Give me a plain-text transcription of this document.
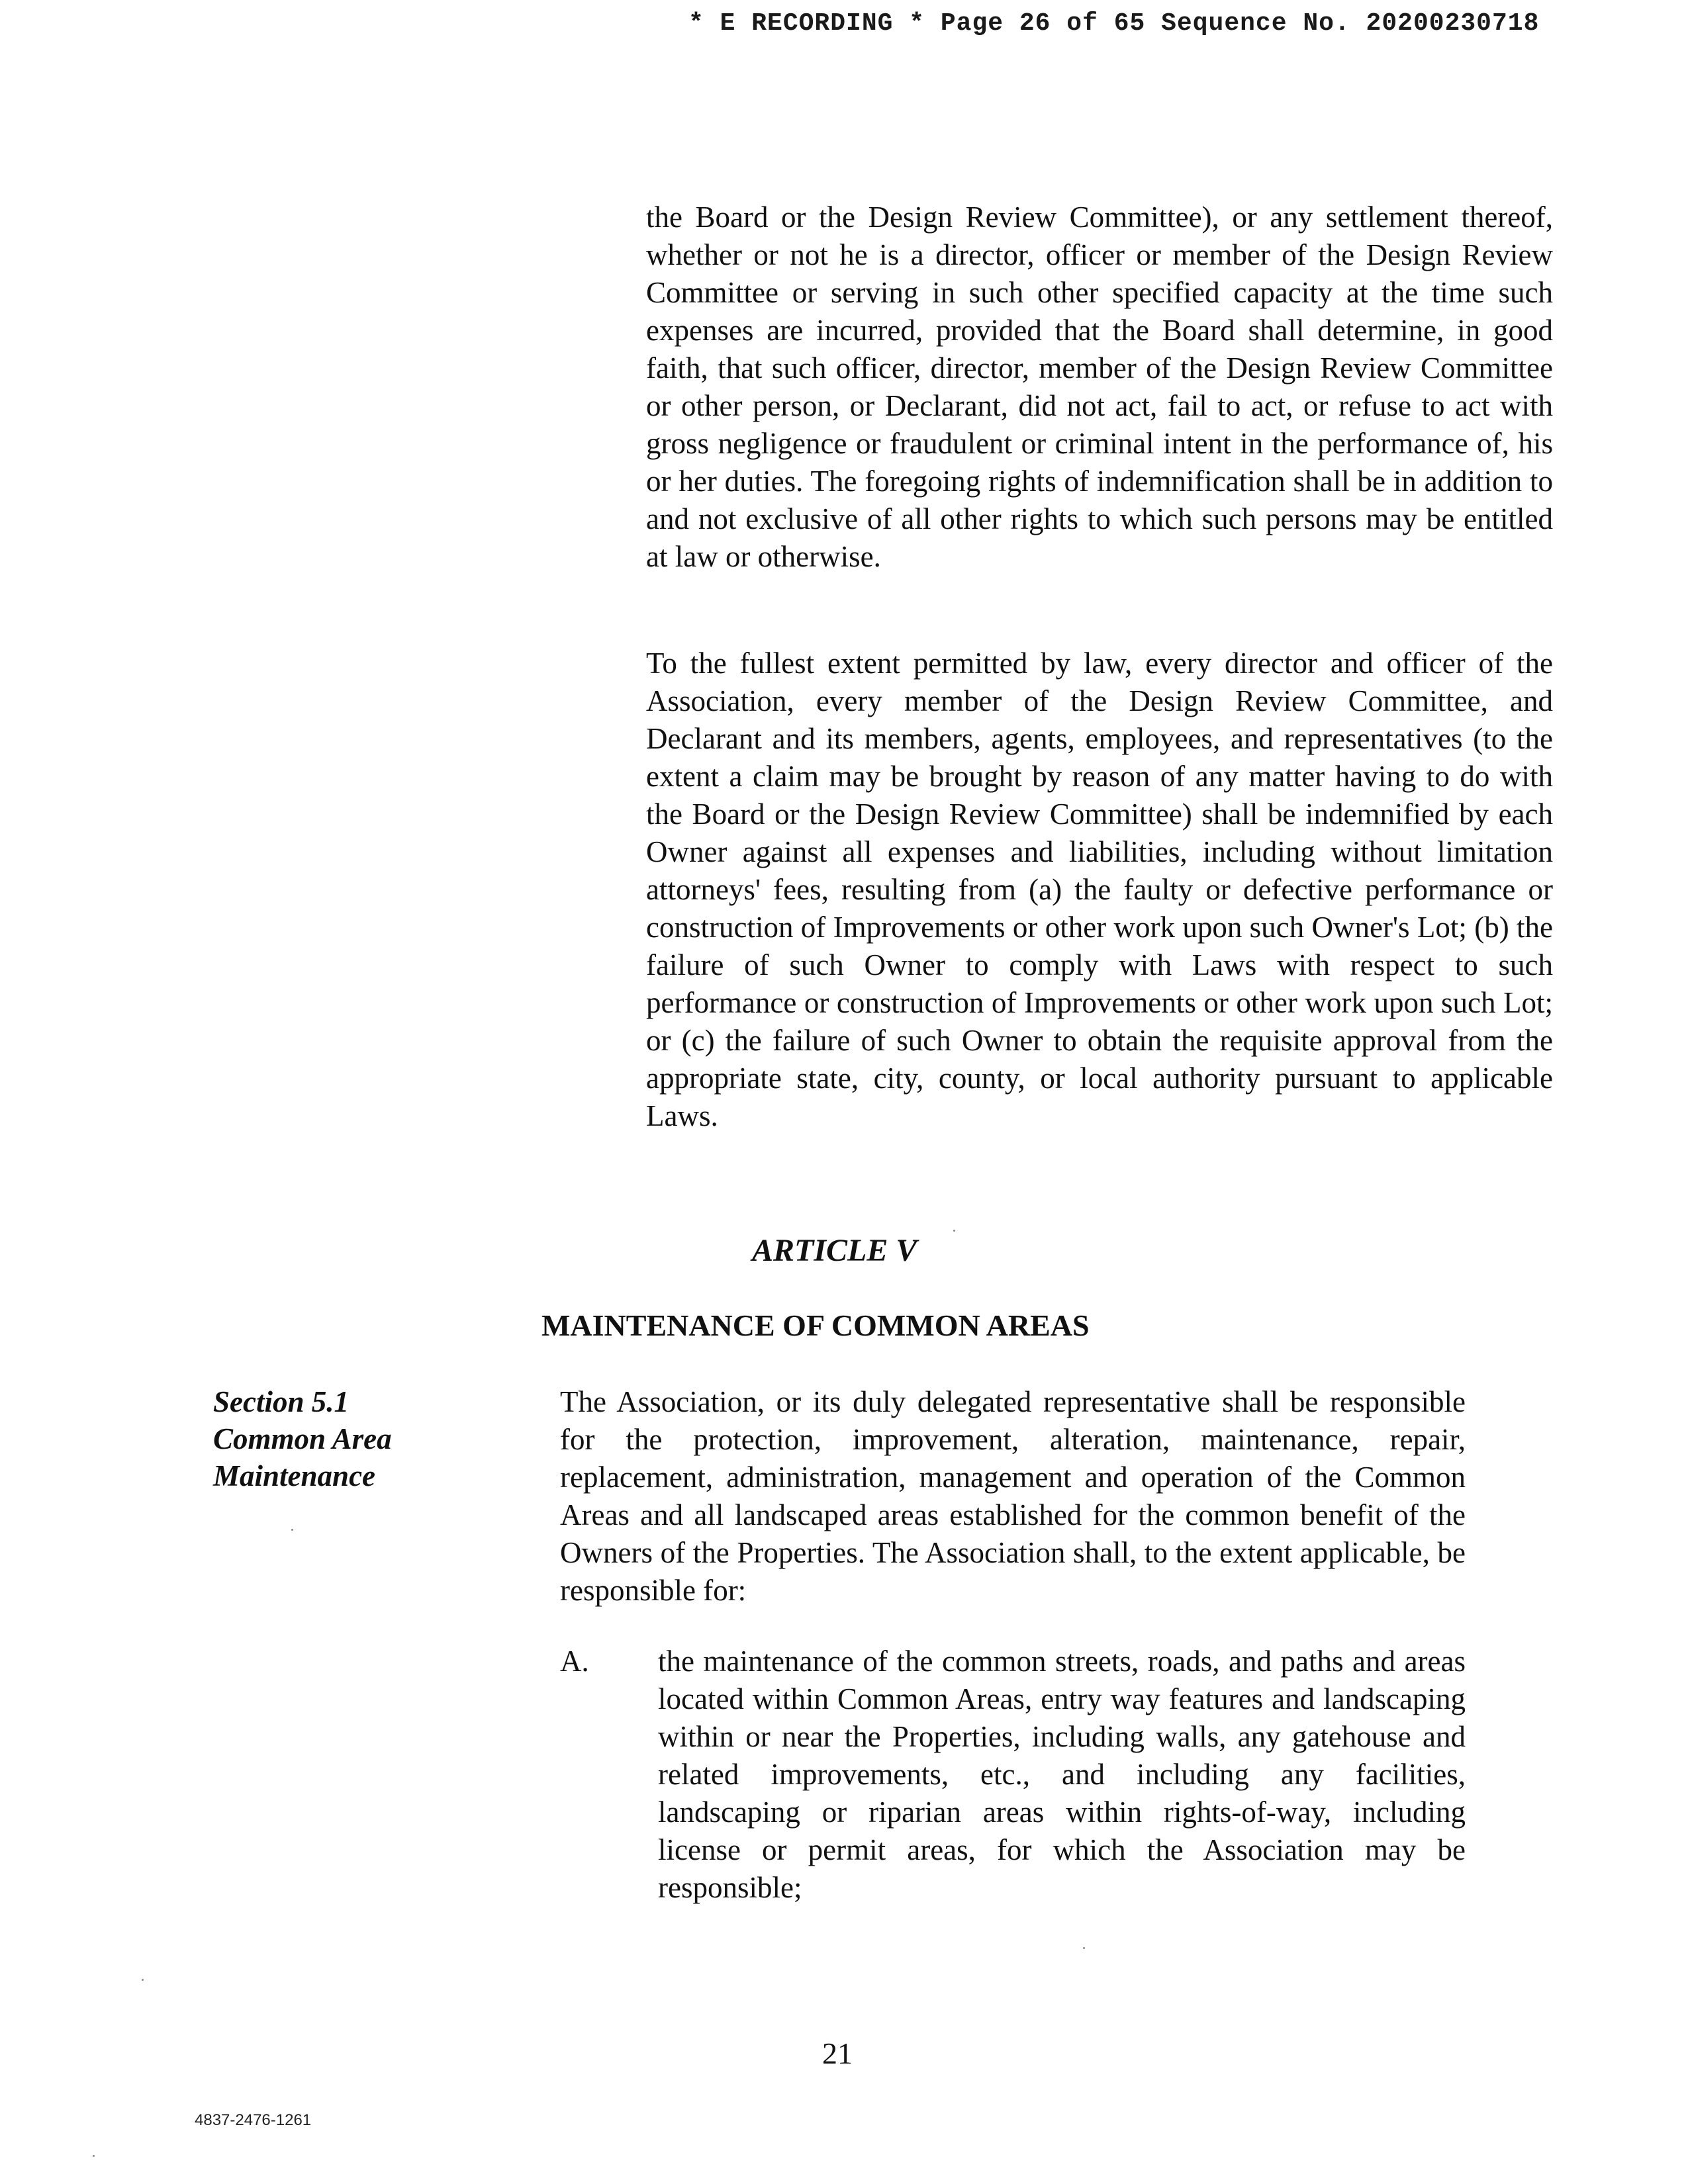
* E RECORDING * Page 26 of 65 Sequence No. 20200230718

the Board or the Design Review Committee), or any settlement thereof, whether or not he is a director, officer or member of the Design Review Committee or serving in such other specified capacity at the time such expenses are incurred, provided that the Board shall determine, in good faith, that such officer, director, member of the Design Review Committee or other person, or Declarant, did not act, fail to act, or refuse to act with gross negligence or fraudulent or criminal intent in the performance of, his or her duties. The foregoing rights of indemnification shall be in addition to and not exclusive of all other rights to which such persons may be entitled at law or otherwise.

To the fullest extent permitted by law, every director and officer of the Association, every member of the Design Review Committee, and Declarant and its members, agents, employees, and representatives (to the extent a claim may be brought by reason of any matter having to do with the Board or the Design Review Committee) shall be indemnified by each Owner against all expenses and liabilities, including without limitation attorneys' fees, resulting from (a) the faulty or defective performance or construction of Improvements or other work upon such Owner's Lot; (b) the failure of such Owner to comply with Laws with respect to such performance or construction of Improvements or other work upon such Lot; or (c) the failure of such Owner to obtain the requisite approval from the appropriate state, city, county, or local authority pursuant to applicable Laws.

ARTICLE V
MAINTENANCE OF COMMON AREAS
Section 5.1
Common Area
Maintenance

The Association, or its duly delegated representative shall be responsible for the protection, improvement, alteration, maintenance, repair, replacement, administration, management and operation of the Common Areas and all landscaped areas established for the common benefit of the Owners of the Properties. The Association shall, to the extent applicable, be responsible for:

A. the maintenance of the common streets, roads, and paths and areas located within Common Areas, entry way features and landscaping within or near the Properties, including walls, any gatehouse and related improvements, etc., and including any facilities, landscaping or riparian areas within rights-of-way, including license or permit areas, for which the Association may be responsible;

21
4837-2476-1261
